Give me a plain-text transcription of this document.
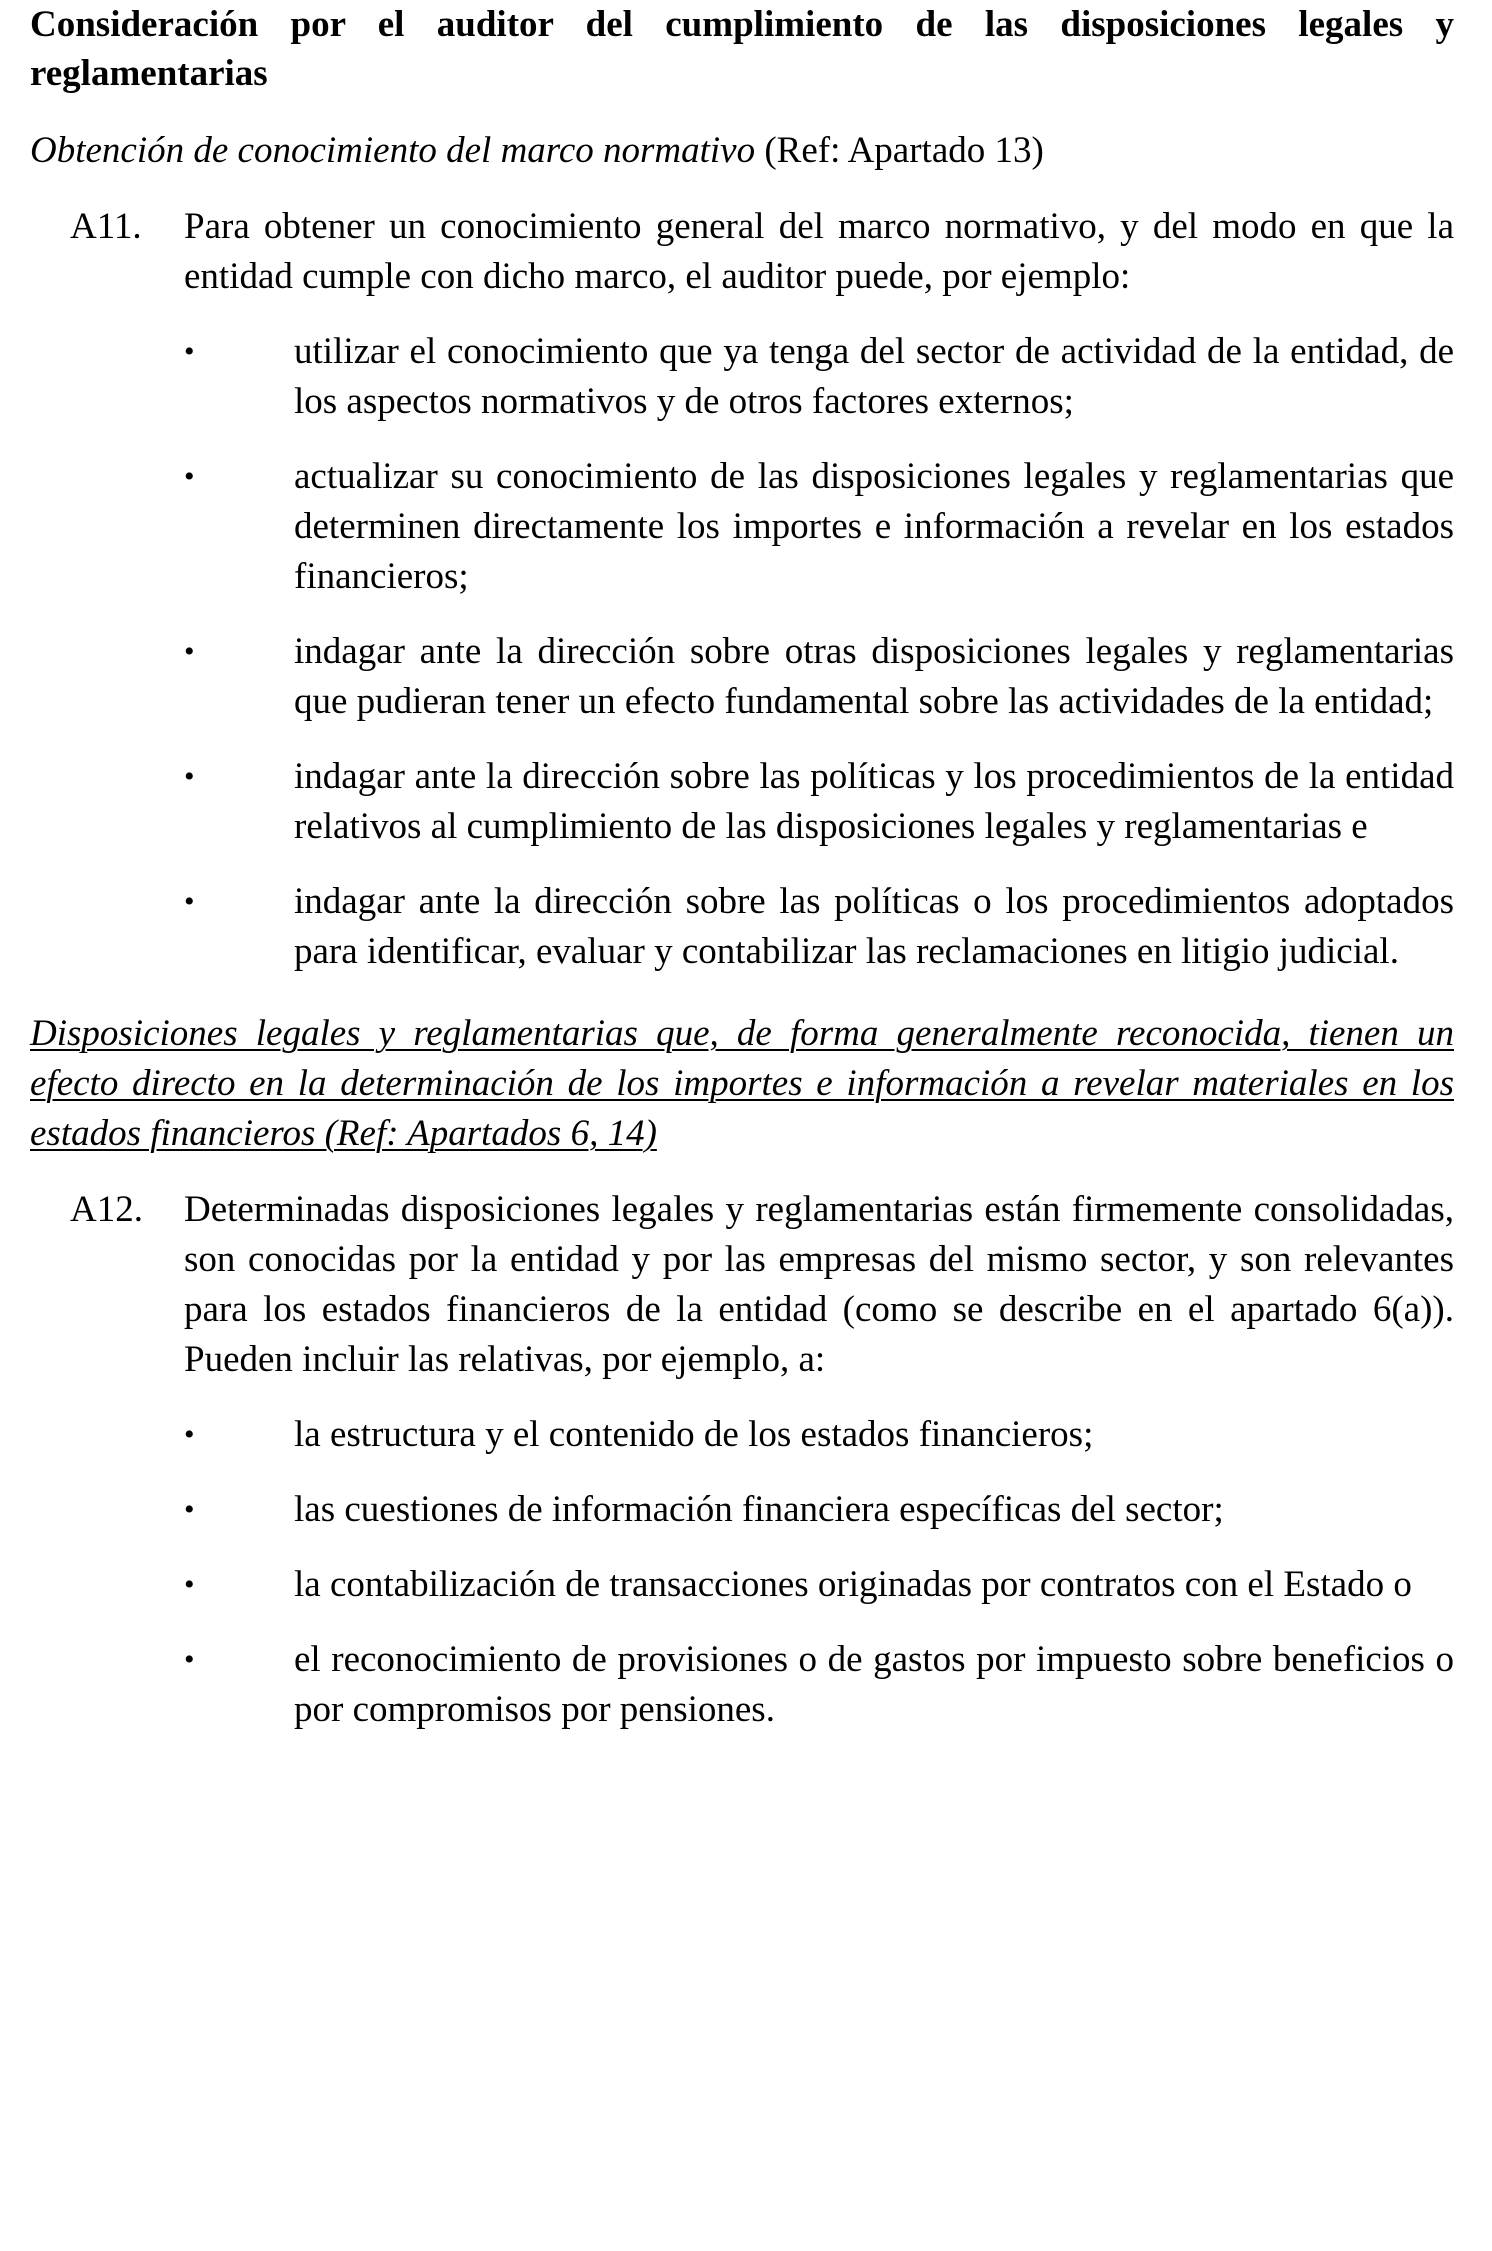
Consideración por el auditor del cumplimiento de las disposiciones legales y reglamentarias

Obtención de conocimiento del marco normativo (Ref: Apartado 13)

A11. Para obtener un conocimiento general del marco normativo, y del modo en que la entidad cumple con dicho marco, el auditor puede, por ejemplo:
•	utilizar el conocimiento que ya tenga del sector de actividad de la entidad, de los aspectos normativos y de otros factores externos;
•	actualizar su conocimiento de las disposiciones legales y reglamentarias que determinen directamente los importes e información a revelar en los estados financieros;
•	indagar ante la dirección sobre otras disposiciones legales y reglamentarias que pudieran tener un efecto fundamental sobre las actividades de la entidad;
•	indagar ante la dirección sobre las políticas y los procedimientos de la entidad relativos al cumplimiento de las disposiciones legales y reglamentarias e
•	indagar ante la dirección sobre las políticas o los procedimientos adoptados para identificar, evaluar y contabilizar las reclamaciones en litigio judicial.

Disposiciones legales y reglamentarias que, de forma generalmente reconocida, tienen un efecto directo en la determinación de los importes e información a revelar materiales en los estados financieros (Ref: Apartados 6, 14)

A12. Determinadas disposiciones legales y reglamentarias están firmemente consolidadas, son conocidas por la entidad y por las empresas del mismo sector, y son relevantes para los estados financieros de la entidad (como se describe en el apartado 6(a)). Pueden incluir las relativas, por ejemplo, a:
•	la estructura y el contenido de los estados financieros;
•	las cuestiones de información financiera específicas del sector;
•	la contabilización de transacciones originadas por contratos con el Estado o
•	el reconocimiento de provisiones o de gastos por impuesto sobre beneficios o por compromisos por pensiones.
